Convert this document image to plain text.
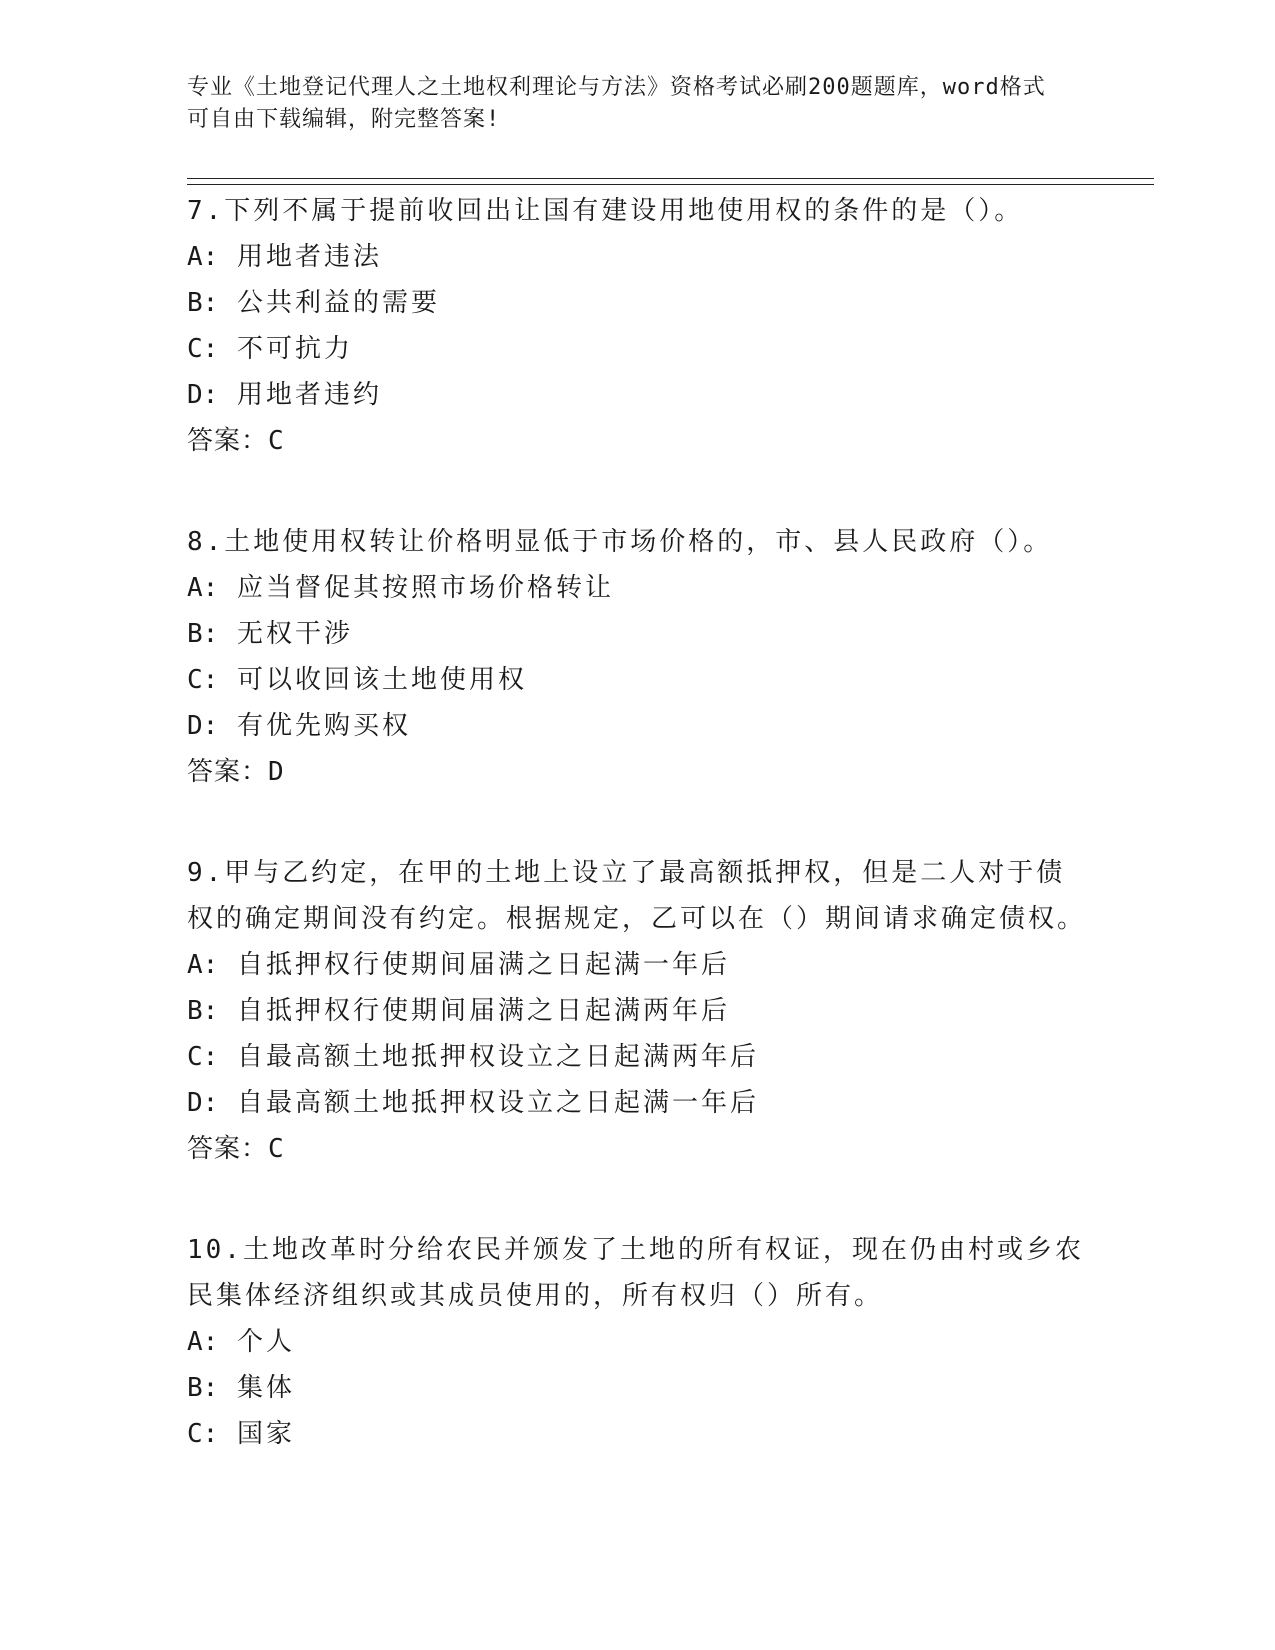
专业《土地登记代理人之土地权利理论与方法》资格考试必刷200题题库，word格式可自由下载编辑，附完整答案!
7.下列不属于提前收回出让国有建设用地使用权的条件的是（）。
A: 用地者违法
B: 公共利益的需要
C: 不可抗力
D: 用地者违约
答案：C
8.土地使用权转让价格明显低于市场价格的，市、县人民政府（）。
A: 应当督促其按照市场价格转让
B: 无权干涉
C: 可以收回该土地使用权
D: 有优先购买权
答案：D
9.甲与乙约定，在甲的土地上设立了最高额抵押权，但是二人对于债权的确定期间没有约定。根据规定，乙可以在（）期间请求确定债权。
A: 自抵押权行使期间届满之日起满一年后
B: 自抵押权行使期间届满之日起满两年后
C: 自最高额土地抵押权设立之日起满两年后
D: 自最高额土地抵押权设立之日起满一年后
答案：C
10.土地改革时分给农民并颁发了土地的所有权证，现在仍由村或乡农民集体经济组织或其成员使用的，所有权归（）所有。
A: 个人
B: 集体
C: 国家
